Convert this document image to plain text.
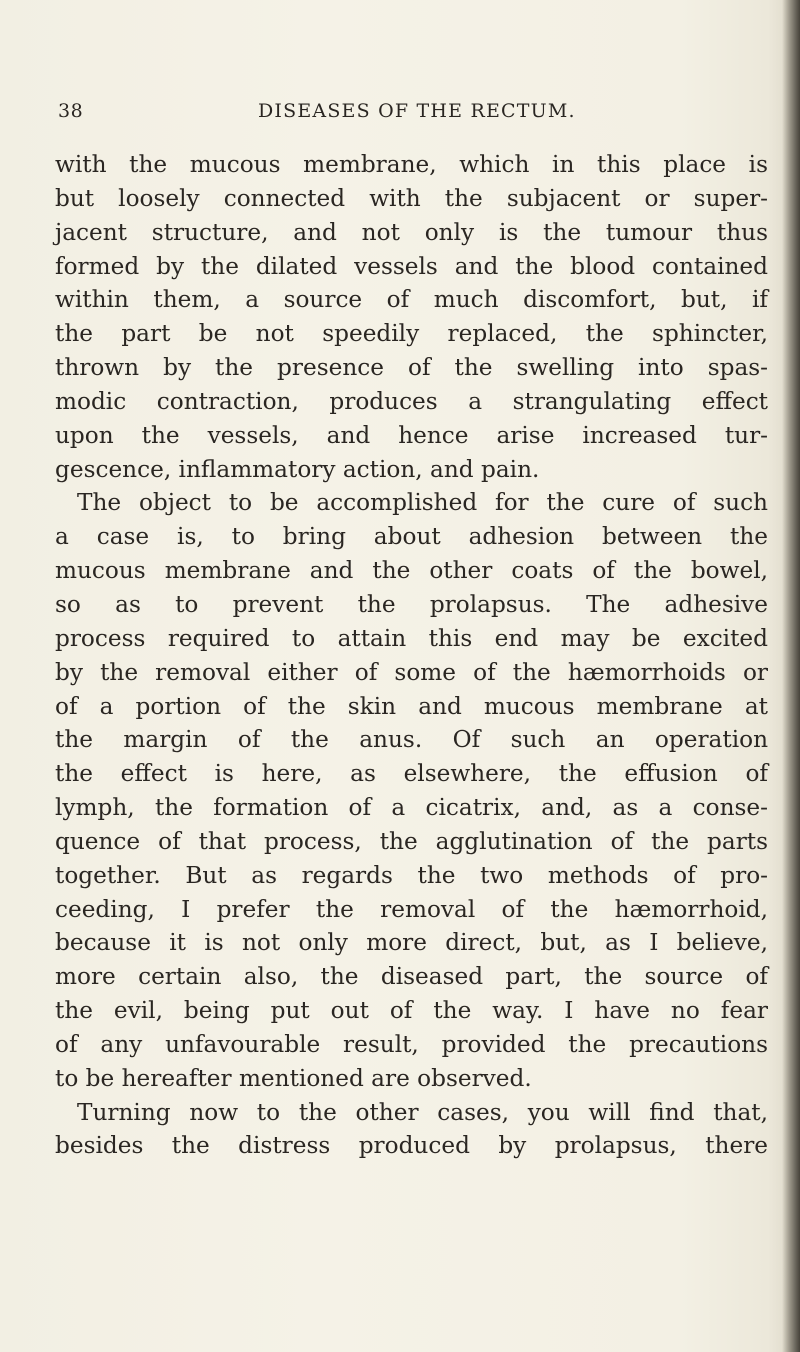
38	DISEASES OF THE RECTUM.
with the mucous membrane, which in this place is
but loosely connected with the subjacent or super-
jacent structure, and not only is the tumour thus
formed by the dilated vessels and the blood contained
within them, a source of much discomfort, but, if
the part be not speedily replaced, the sphincter,
thrown by the presence of the swelling into spas-
modic contraction, produces a strangulating effect
upon the vessels, and hence arise increased tur-
gescence, inflammatory action, and pain.
The object to be accomplished for the cure of such
a case is, to bring about adhesion between the
mucous membrane and the other coats of the bowel,
so as to prevent the prolapsus. The adhesive
process required to attain this end may be excited
by the removal either of some of the hæmorrhoids or
of a portion of the skin and mucous membrane at
the margin of the anus. Of such an operation
the effect is here, as elsewhere, the effusion of
lymph, the formation of a cicatrix, and, as a conse-
quence of that process, the agglutination of the parts
together. But as regards the two methods of pro-
ceeding, I prefer the removal of the hæmorrhoid,
because it is not only more direct, but, as I believe,
more certain also, the diseased part, the source of
the evil, being put out of the way. I have no fear
of any unfavourable result, provided the precautions
to be hereafter mentioned are observed.
Turning now to the other cases, you will find that,
besides the distress produced by prolapsus, there
